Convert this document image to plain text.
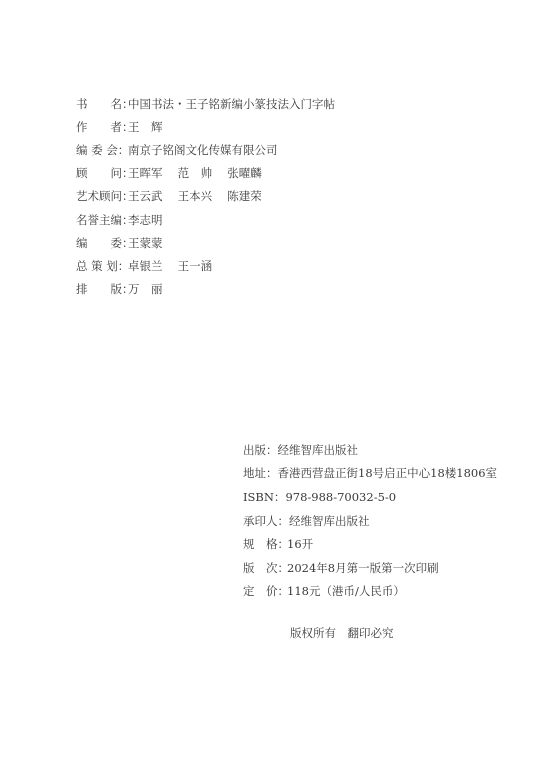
书　　名：
中国书法・王子铭新编小篆技法入门字帖
作　　者：
王　辉
编 委 会：
南京子铭阁文化传媒有限公司
顾　　问：
王晖军　 范　帅　 张曜麟
艺术顾问：
王云武　 王本兴　 陈建荣
名誉主编：
李志明
编　　委：
王蒙蒙
总 策 划：
卓银兰　 王一涵
排　　版：
万　丽
出版： 经维智库出版社
地址： 香港西营盘正街18号启正中心18楼1806室
ISBN： 978-988-70032-5-0
承印人： 经维智库出版社
规　格：
16开
版　次：
2024年8月第一版第一次印刷
定　价：
118元（港币/人民币）
版权所有　翻印必究
